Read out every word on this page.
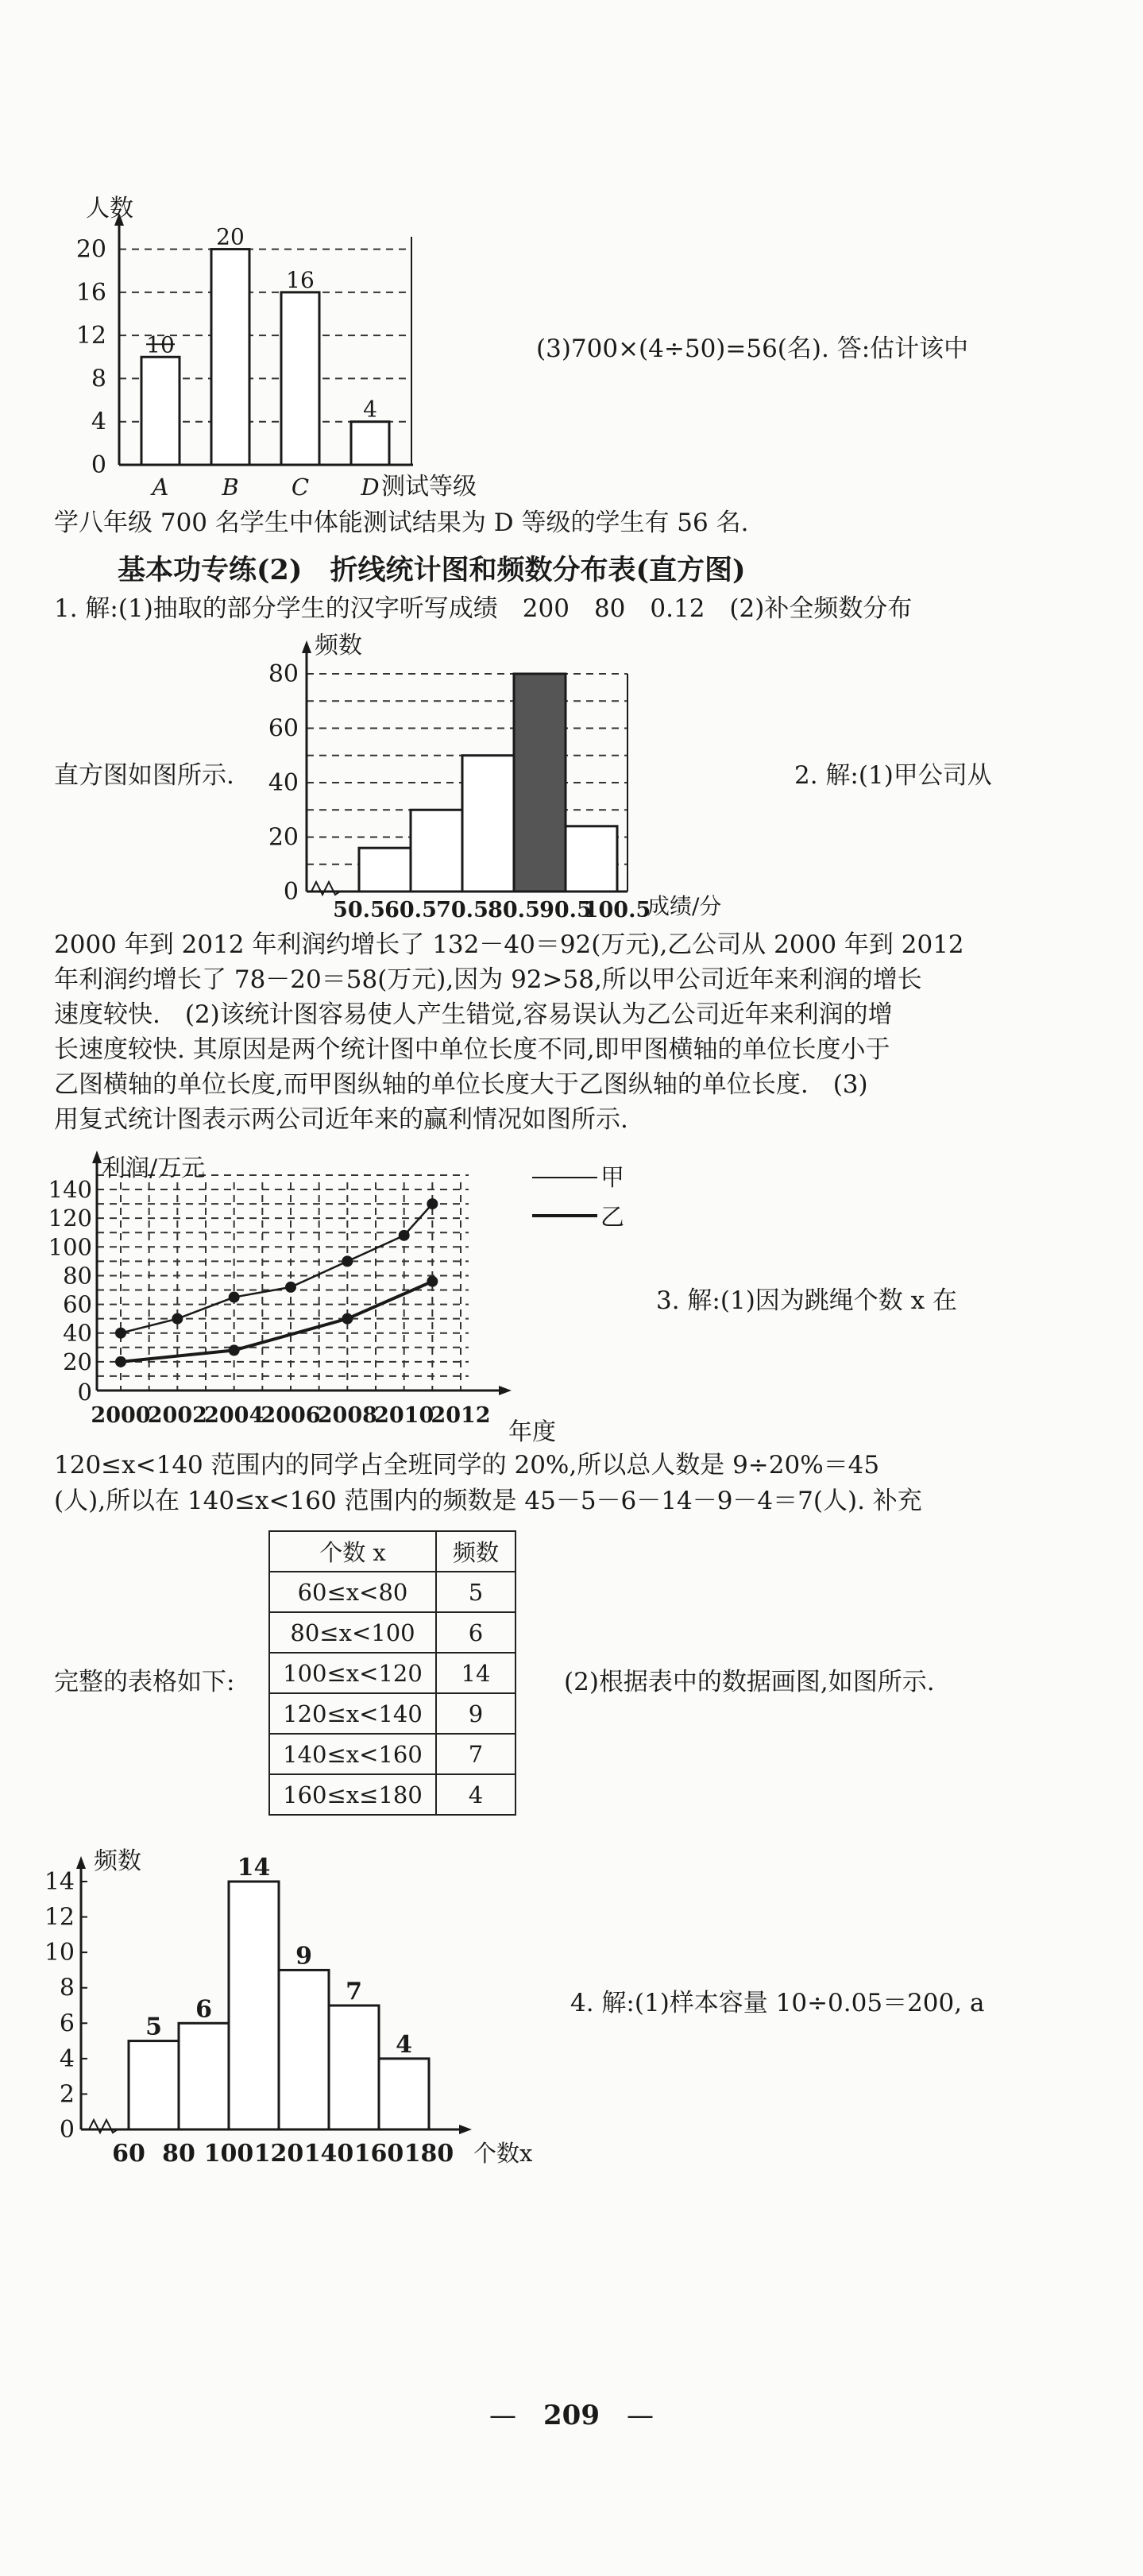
0
4
8
12
16
20
10
20
16
4
A B C D
人数
测试等级
(3)700×(4÷50)=56(名). 答:估计该中
学八年级 700 名学生中体能测试结果为 D 等级的学生有 56 名.
基本功专练(2)　折线统计图和频数分布表(直方图)
1. 解:(1)抽取的部分学生的汉字听写成绩　200　80　0.12　(2)补全频数分布
0
20
40
60
80
50.5 60.5 70.5 80.5 90.5
100.5
频数
成绩/分
直方图如图所示.	2. 解:(1)甲公司从
2000 年到 2012 年利润约增长了 132－40＝92(万元),乙公司从 2000 年到 2012
年利润约增长了 78－20＝58(万元),因为 92>58,所以甲公司近年来利润的增长
速度较快.　(2)该统计图容易使人产生错觉,容易误认为乙公司近年来利润的增
长速度较快. 其原因是两个统计图中单位长度不同,即甲图横轴的单位长度小于
乙图横轴的单位长度,而甲图纵轴的单位长度大于乙图纵轴的单位长度.　(3)
用复式统计图表示两公司近年来的赢利情况如图所示.
20
40
60
80
100
120
140
0
2000
2002
2004
2006
2008
2010
2012
利润/万元
年度
甲
乙
3. 解:(1)因为跳绳个数 x 在
120≤x<140 范围内的同学占全班同学的 20%,所以总人数是 9÷20%＝45
(人),所以在 140≤x<160 范围内的频数是 45－5－6－14－9－4＝7(人). 补充
个数 x	频数
60≤x<80	5
80≤x<100	6
100≤x<120	14
120≤x<140	9
140≤x<160	7
160≤x≤180	4
完整的表格如下:	(2)根据表中的数据画图,如图所示.
0
2
4
6
8
10
12
14
5
6
14
9
7
4
60 80 100 120 140 160 180
频数
个数x
4. 解:(1)样本容量 10÷0.05＝200, a
—　209　—
